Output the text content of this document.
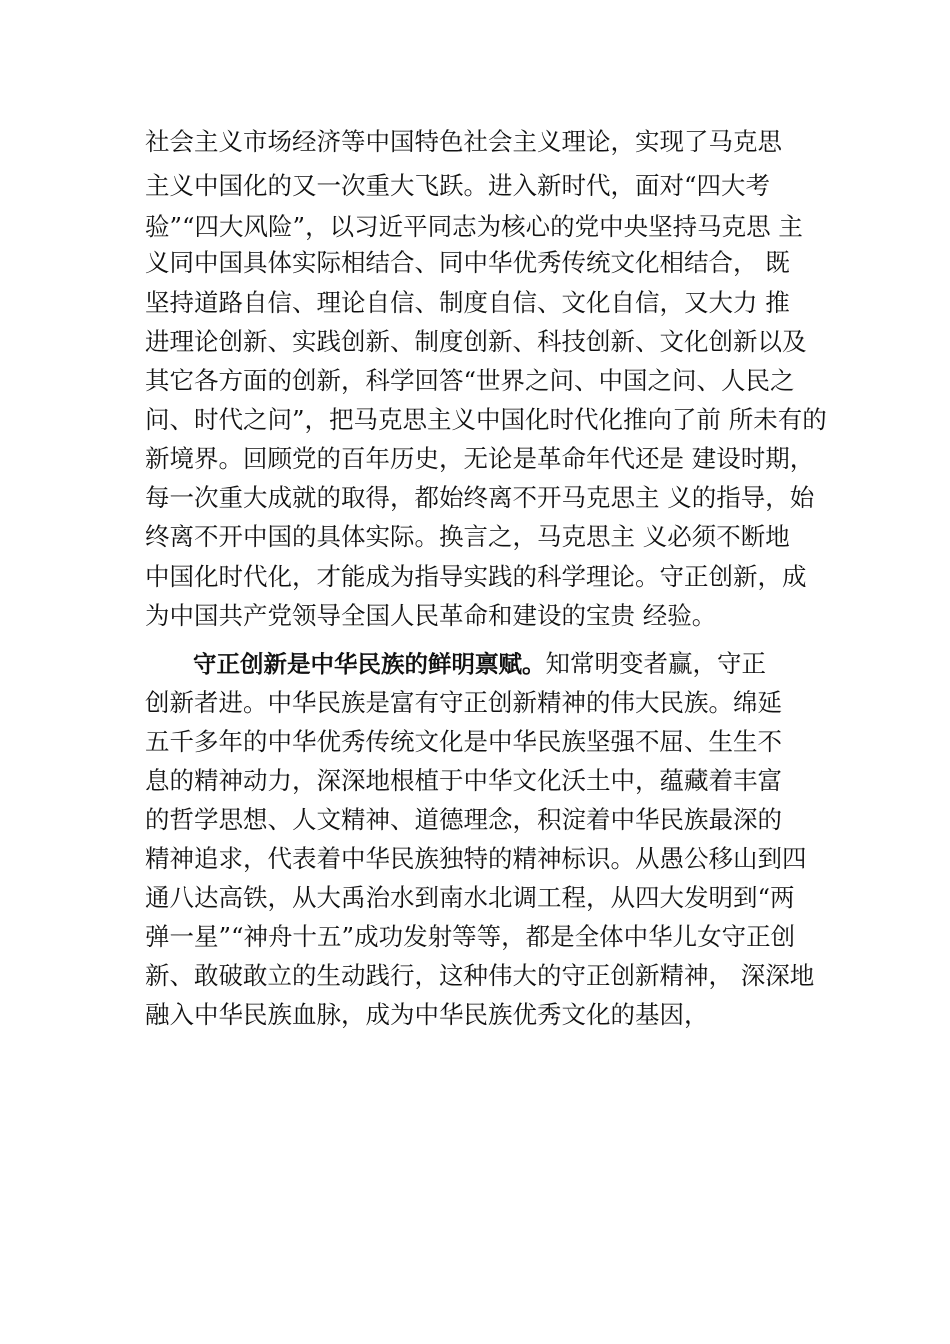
社会主义市场经济等中国特色社会主义理论，实现了马克思
主义中国化的又一次重大飞跃。进入新时代，面对“四大考
验”“四大风险”，以习近平同志为核心的党中央坚持马克思 主
义同中国具体实际相结合、同中华优秀传统文化相结合， 既
坚持道路自信、理论自信、制度自信、文化自信，又大力 推
进理论创新、实践创新、制度创新、科技创新、文化创新以及
其它各方面的创新，科学回答“世界之问、中国之问、人民之
问、时代之问”，把马克思主义中国化时代化推向了前 所未有的
新境界。回顾党的百年历史，无论是革命年代还是 建设时期，
每一次重大成就的取得，都始终离不开马克思主 义的指导，始
终离不开中国的具体实际。换言之，马克思主 义必须不断地
中国化时代化，才能成为指导实践的科学理论。守正创新，成
为中国共产党领导全国人民革命和建设的宝贵 经验。
守正创新是中华民族的鲜明禀赋。知常明变者赢，守正
创新者进。中华民族是富有守正创新精神的伟大民族。绵延
五千多年的中华优秀传统文化是中华民族坚强不屈、生生不
息的精神动力，深深地根植于中华文化沃土中，蕴藏着丰富
的哲学思想、人文精神、道德理念，积淀着中华民族最深的
精神追求，代表着中华民族独特的精神标识。从愚公移山到四
通八达高铁，从大禹治水到南水北调工程，从四大发明到“两
弹一星”“神舟十五”成功发射等等，都是全体中华儿女守正创
新、敢破敢立的生动践行，这种伟大的守正创新精神， 深深地
融入中华民族血脉，成为中华民族优秀文化的基因，
